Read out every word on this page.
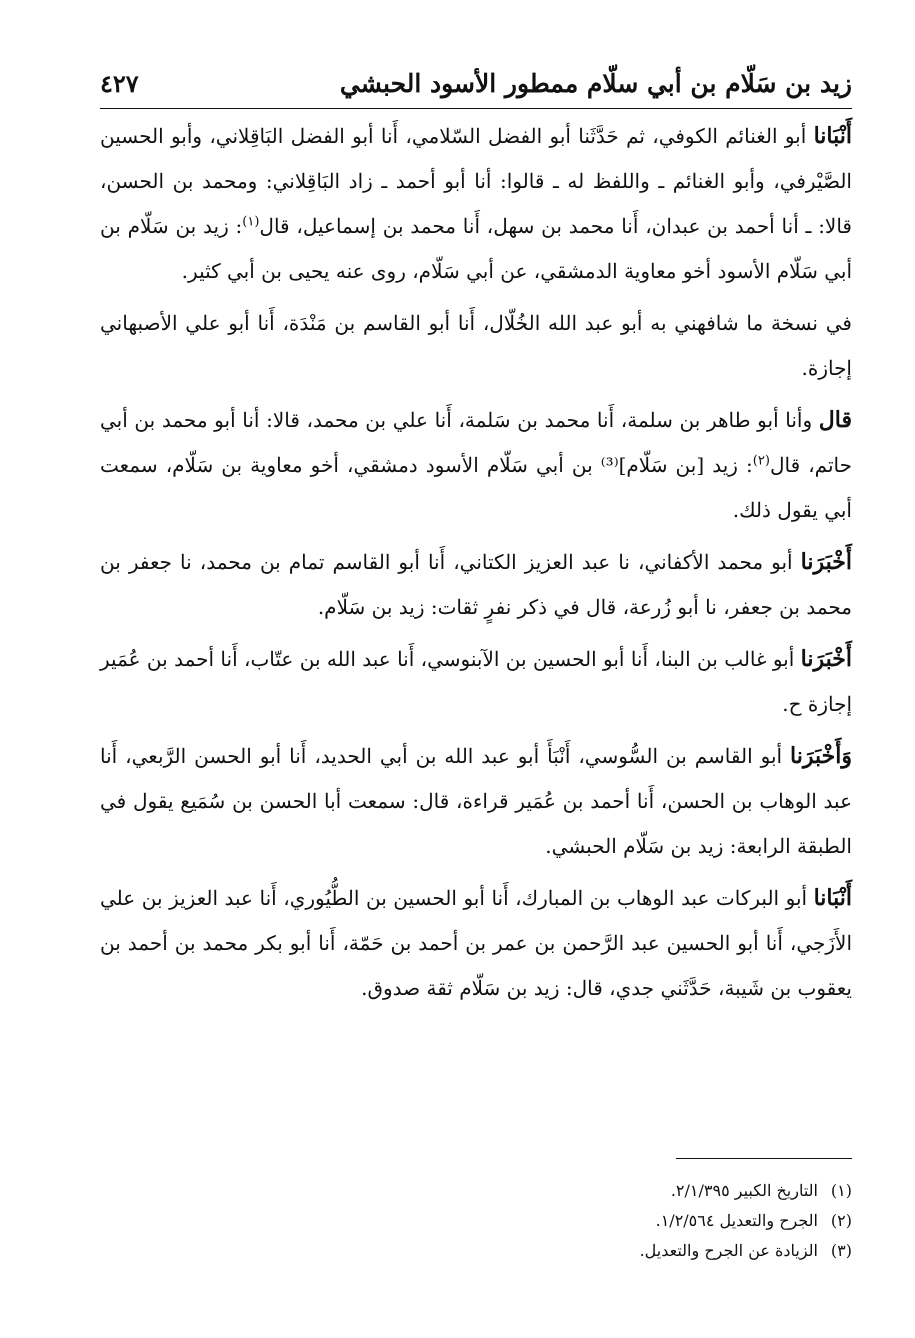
زيد بن سَلّام بن أبي سلّام ممطور الأسود الحبشي
٤٢٧

أَنْبَانا أبو الغنائم الكوفي، ثم حَدَّثَنا أبو الفضل السّلامي، أَنا أبو الفضل البَاقِلاني، وأبو الحسين الصَّيْرفي، وأبو الغنائم ـ واللفظ له ـ قالوا: أنا أبو أحمد ـ زاد البَاقِلاني: ومحمد بن الحسن، قالا: ـ أنا أحمد بن عبدان، أَنا محمد بن سهل، أَنا محمد بن إسماعيل، قال$^{(١)}$: زيد بن سَلّام بن أبي سَلّام الأسود أخو معاوية الدمشقي، عن أبي سَلّام، روى عنه يحيى بن أبي كثير.

في نسخة ما شافهني به أبو عبد الله الخُلّال، أَنا أبو القاسم بن مَنْدَة، أَنا أبو علي الأصبهاني إجازة.

قال وأنا أبو طاهر بن سلمة، أَنا محمد بن سَلمة، أَنا علي بن محمد، قالا: أنا أبو محمد بن أبي حاتم، قال$^{(٢)}$: زيد [بن سَلّام]⁽³⁾ بن أبي سَلّام الأسود دمشقي، أخو معاوية بن سَلّام، سمعت أبي يقول ذلك.

أَخْبَرَنا أبو محمد الأكفاني، نا عبد العزيز الكتاني، أَنا أبو القاسم تمام بن محمد، نا جعفر بن محمد بن جعفر، نا أبو زُرعة، قال في ذكر نفرٍ ثقات: زيد بن سَلّام.

أَخْبَرَنا أبو غالب بن البنا، أَنا أبو الحسين بن الآبنوسي، أَنا عبد الله بن عتّاب، أَنا أحمد بن عُمَير إجازة ح.

وَأَخْبَرَنا أبو القاسم بن السُّوسي، أَنْبَأَ أبو عبد الله بن أبي الحديد، أَنا أبو الحسن الرَّبعي، أَنا عبد الوهاب بن الحسن، أَنا أحمد بن عُمَير قراءة، قال: سمعت أبا الحسن بن سُمَيع يقول في الطبقة الرابعة: زيد بن سَلّام الحبشي.

أَنْبَانا أبو البركات عبد الوهاب بن المبارك، أَنا أبو الحسين بن الطُّيُوري، أَنا عبد العزيز بن علي الأَزَجي، أَنا أبو الحسين عبد الرَّحمن بن عمر بن أحمد بن حَمّة، أَنا أبو بكر محمد بن أحمد بن يعقوب بن شَيبة، حَدَّثَني جدي، قال: زيد بن سَلّام ثقة صدوق.

(١)التاريخ الكبير ٢/١/٣٩٥.

(٢)الجرح والتعديل ١/٢/٥٦٤.

(٣)الزيادة عن الجرح والتعديل.
